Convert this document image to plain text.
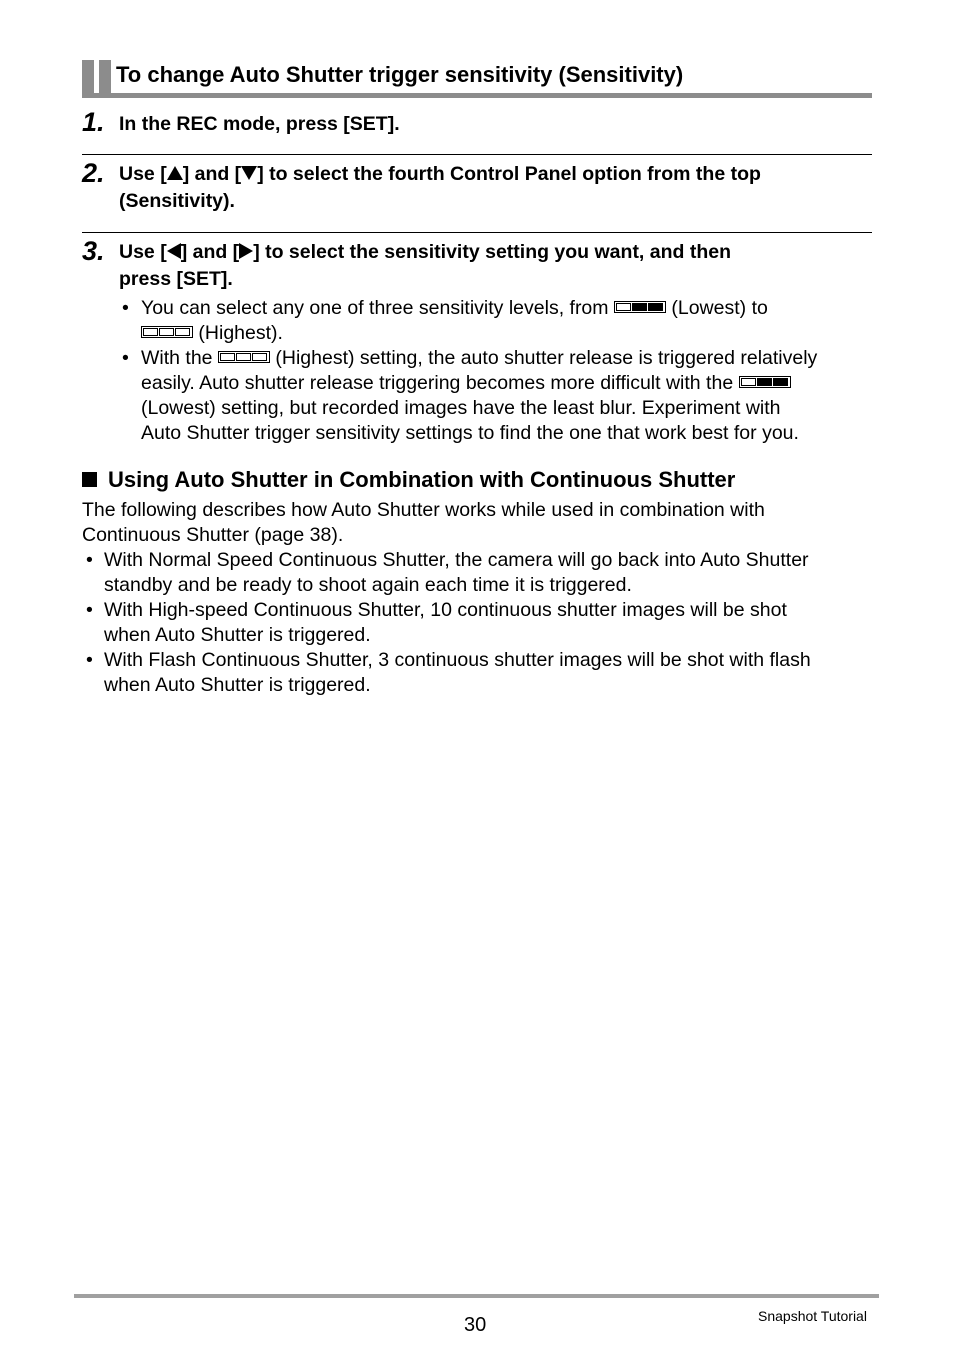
To change Auto Shutter trigger sensitivity (Sensitivity)
1. In the REC mode, press [SET].
2. Use [ ] and [ ] to select the fourth Control Panel option from the top
(Sensitivity).
3. Use [ ] and [ ] to select the sensitivity setting you want, and then
press [SET].
• You can select any one of three sensitivity levels, from	(Lowest) to
(Highest).
• With the	(Highest) setting, the auto shutter release is triggered relatively
easily. Auto shutter release triggering becomes more difficult with the
(Lowest) setting, but recorded images have the least blur. Experiment with
Auto Shutter trigger sensitivity settings to find the one that work best for you.
Using Auto Shutter in Combination with Continuous Shutter
The following describes how Auto Shutter works while used in combination with
Continuous Shutter (page 38).
• With Normal Speed Continuous Shutter, the camera will go back into Auto Shutter
standby and be ready to shoot again each time it is triggered.
• With High-speed Continuous Shutter, 10 continuous shutter images will be shot
when Auto Shutter is triggered.
• With Flash Continuous Shutter, 3 continuous shutter images will be shot with flash
when Auto Shutter is triggered.
30	Snapshot Tutorial
